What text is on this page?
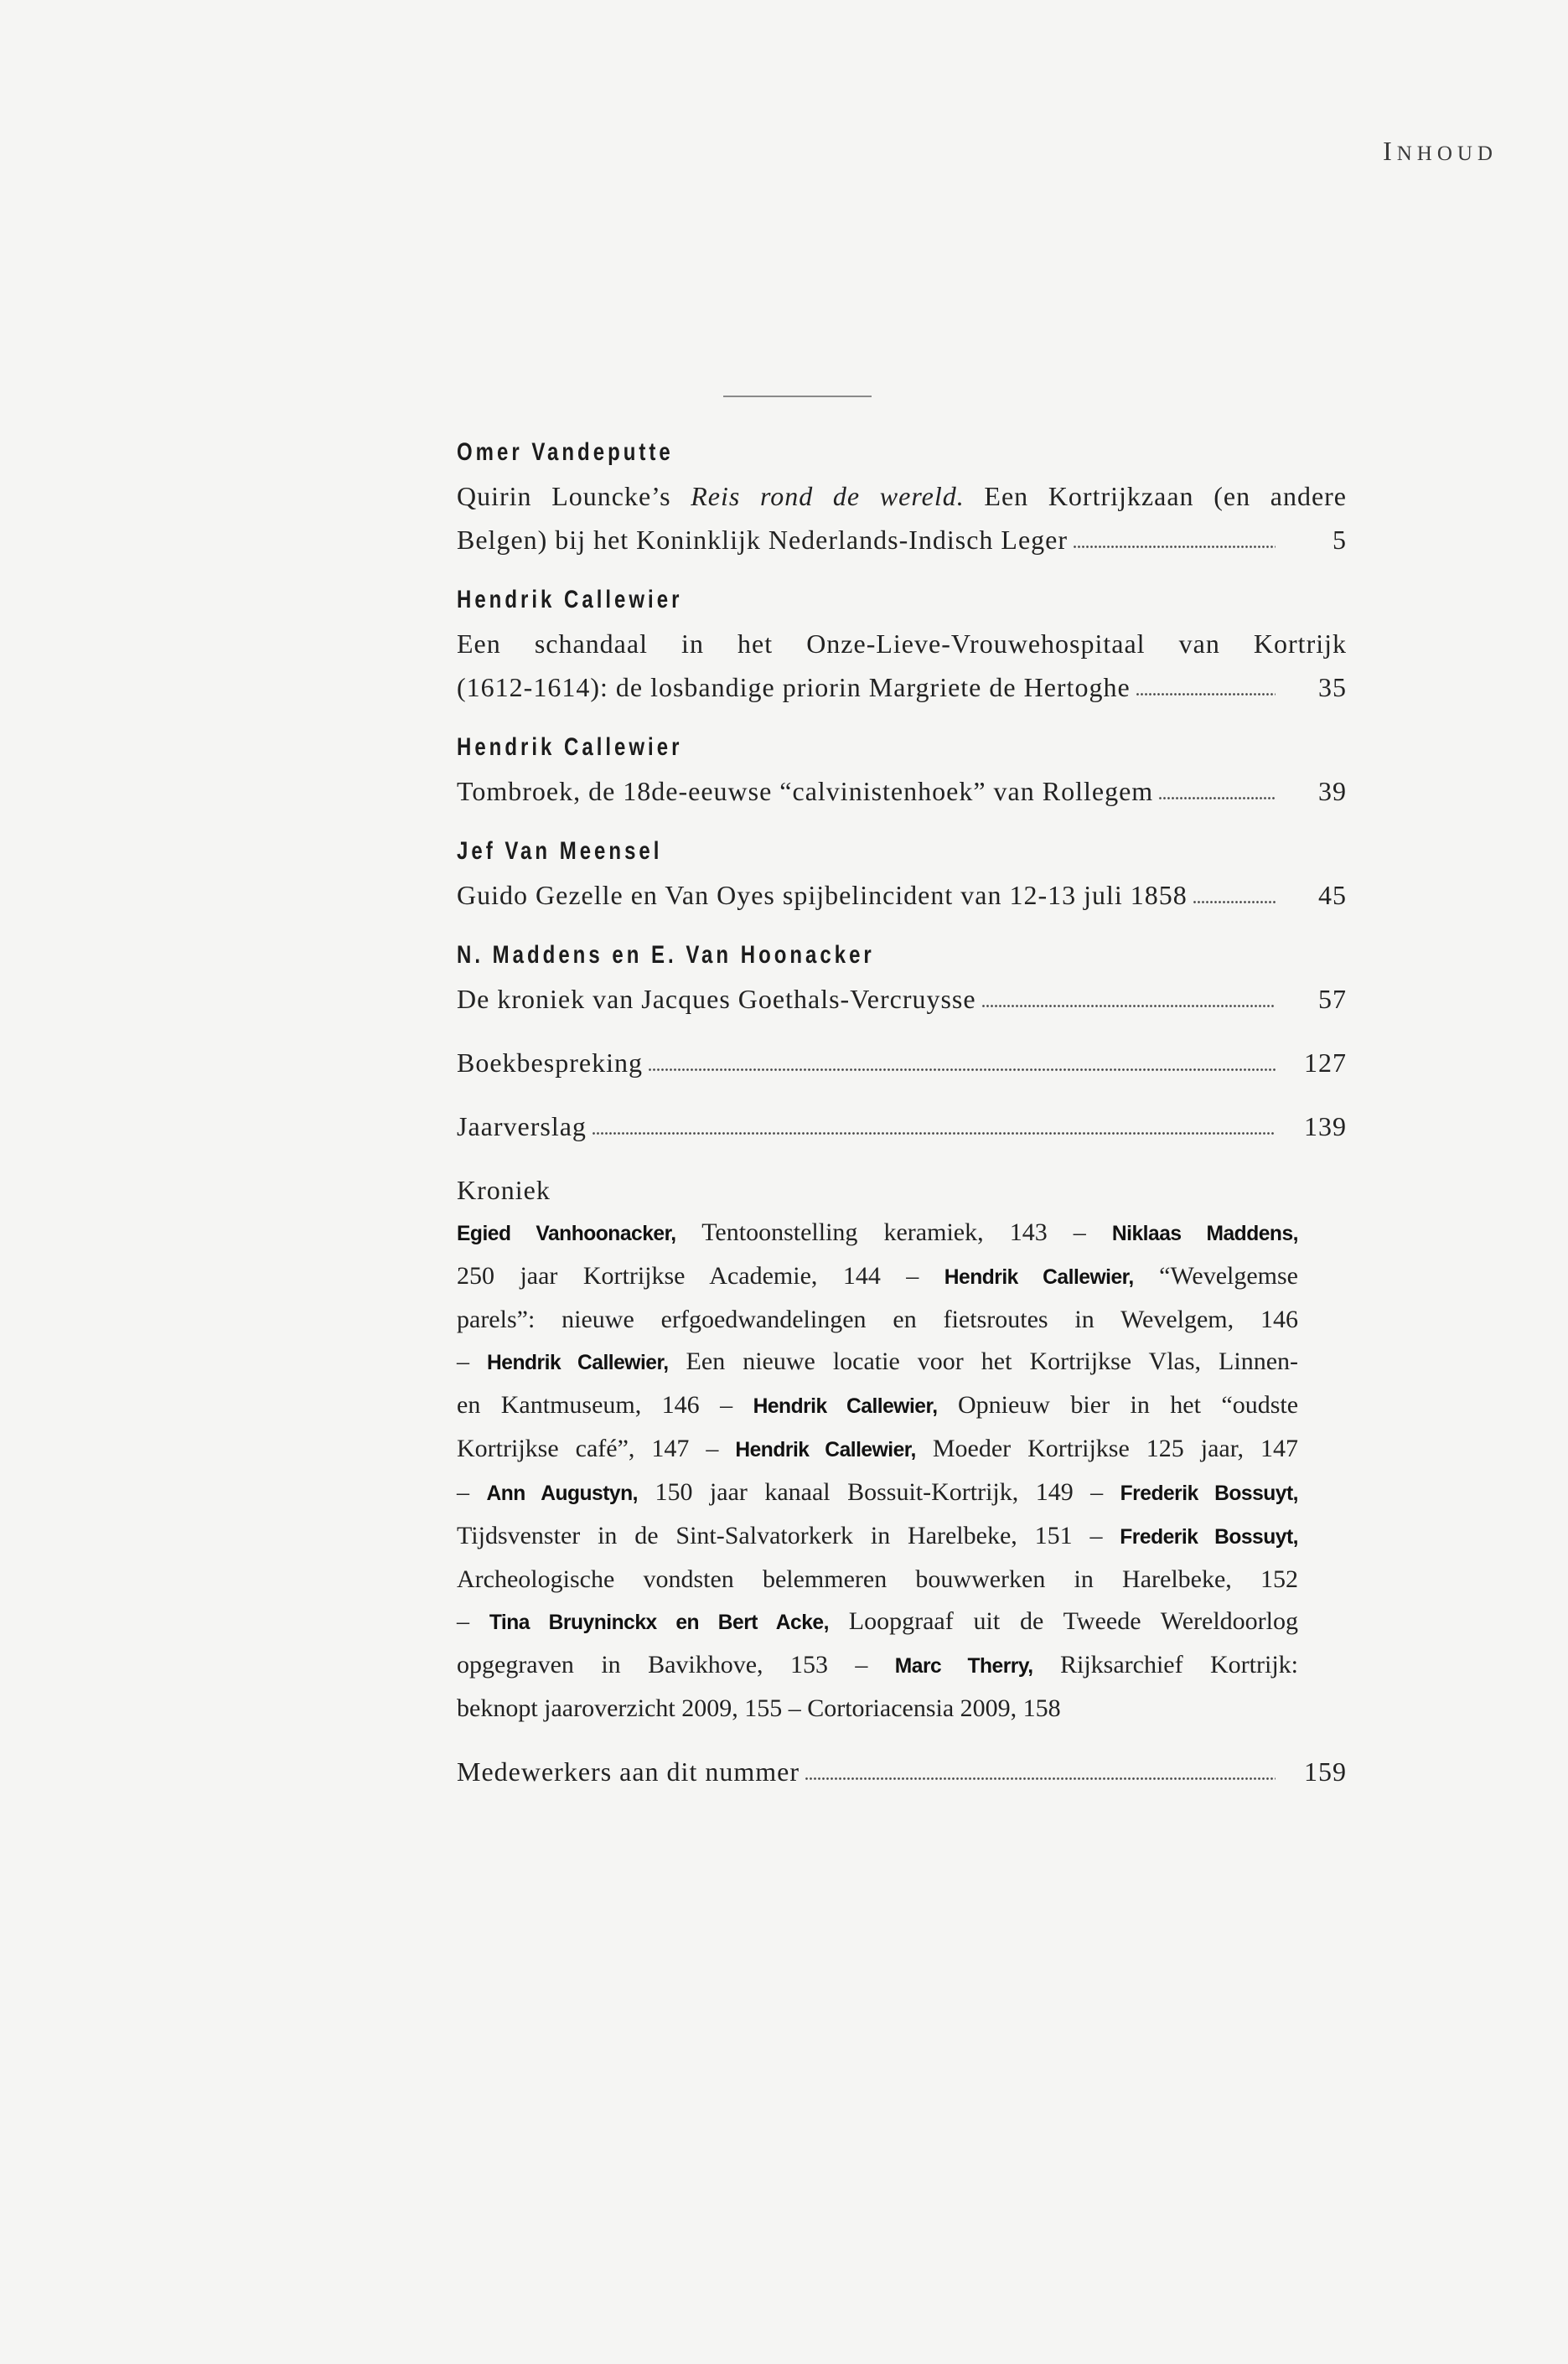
INHOUD
Omer Vandeputte
Quirin Louncke’s Reis rond de wereld. Een Kortrijkzaan (en andere
Belgen) bij het Koninklijk Nederlands-Indisch Leger	5
Hendrik Callewier
Een schandaal in het Onze-Lieve-Vrouwehospitaal van Kortrijk
(1612-1614): de losbandige priorin Margriete de Hertoghe	35
Hendrik Callewier
Tombroek, de 18de-eeuwse “calvinistenhoek” van Rollegem	39
Jef Van Meensel
Guido Gezelle en Van Oyes spijbelincident van 12-13 juli 1858	45
N. Maddens en E. Van Hoonacker
De kroniek van Jacques Goethals-Vercruysse	57
Boekbespreking	127
Jaarverslag	139
Kroniek
Egied Vanhoonacker, Tentoonstelling keramiek, 143 – Niklaas Maddens,
250 jaar Kortrijkse Academie, 144 – Hendrik Callewier, “Wevelgemse
parels”: nieuwe erfgoedwandelingen en fietsroutes in Wevelgem, 146
– Hendrik Callewier, Een nieuwe locatie voor het Kortrijkse Vlas, Linnen-
en Kantmuseum, 146 – Hendrik Callewier, Opnieuw bier in het “oudste
Kortrijkse café”, 147 – Hendrik Callewier, Moeder Kortrijkse 125 jaar, 147
– Ann Augustyn, 150 jaar kanaal Bossuit-Kortrijk, 149 – Frederik Bossuyt,
Tijdsvenster in de Sint-Salvatorkerk in Harelbeke, 151 – Frederik Bossuyt,
Archeologische vondsten belemmeren bouwwerken in Harelbeke, 152
– Tina Bruyninckx en Bert Acke, Loopgraaf uit de Tweede Wereldoorlog
opgegraven in Bavikhove, 153 – Marc Therry, Rijksarchief Kortrijk:
beknopt jaaroverzicht 2009, 155 – Cortoriacensia 2009, 158
Medewerkers aan dit nummer	159
